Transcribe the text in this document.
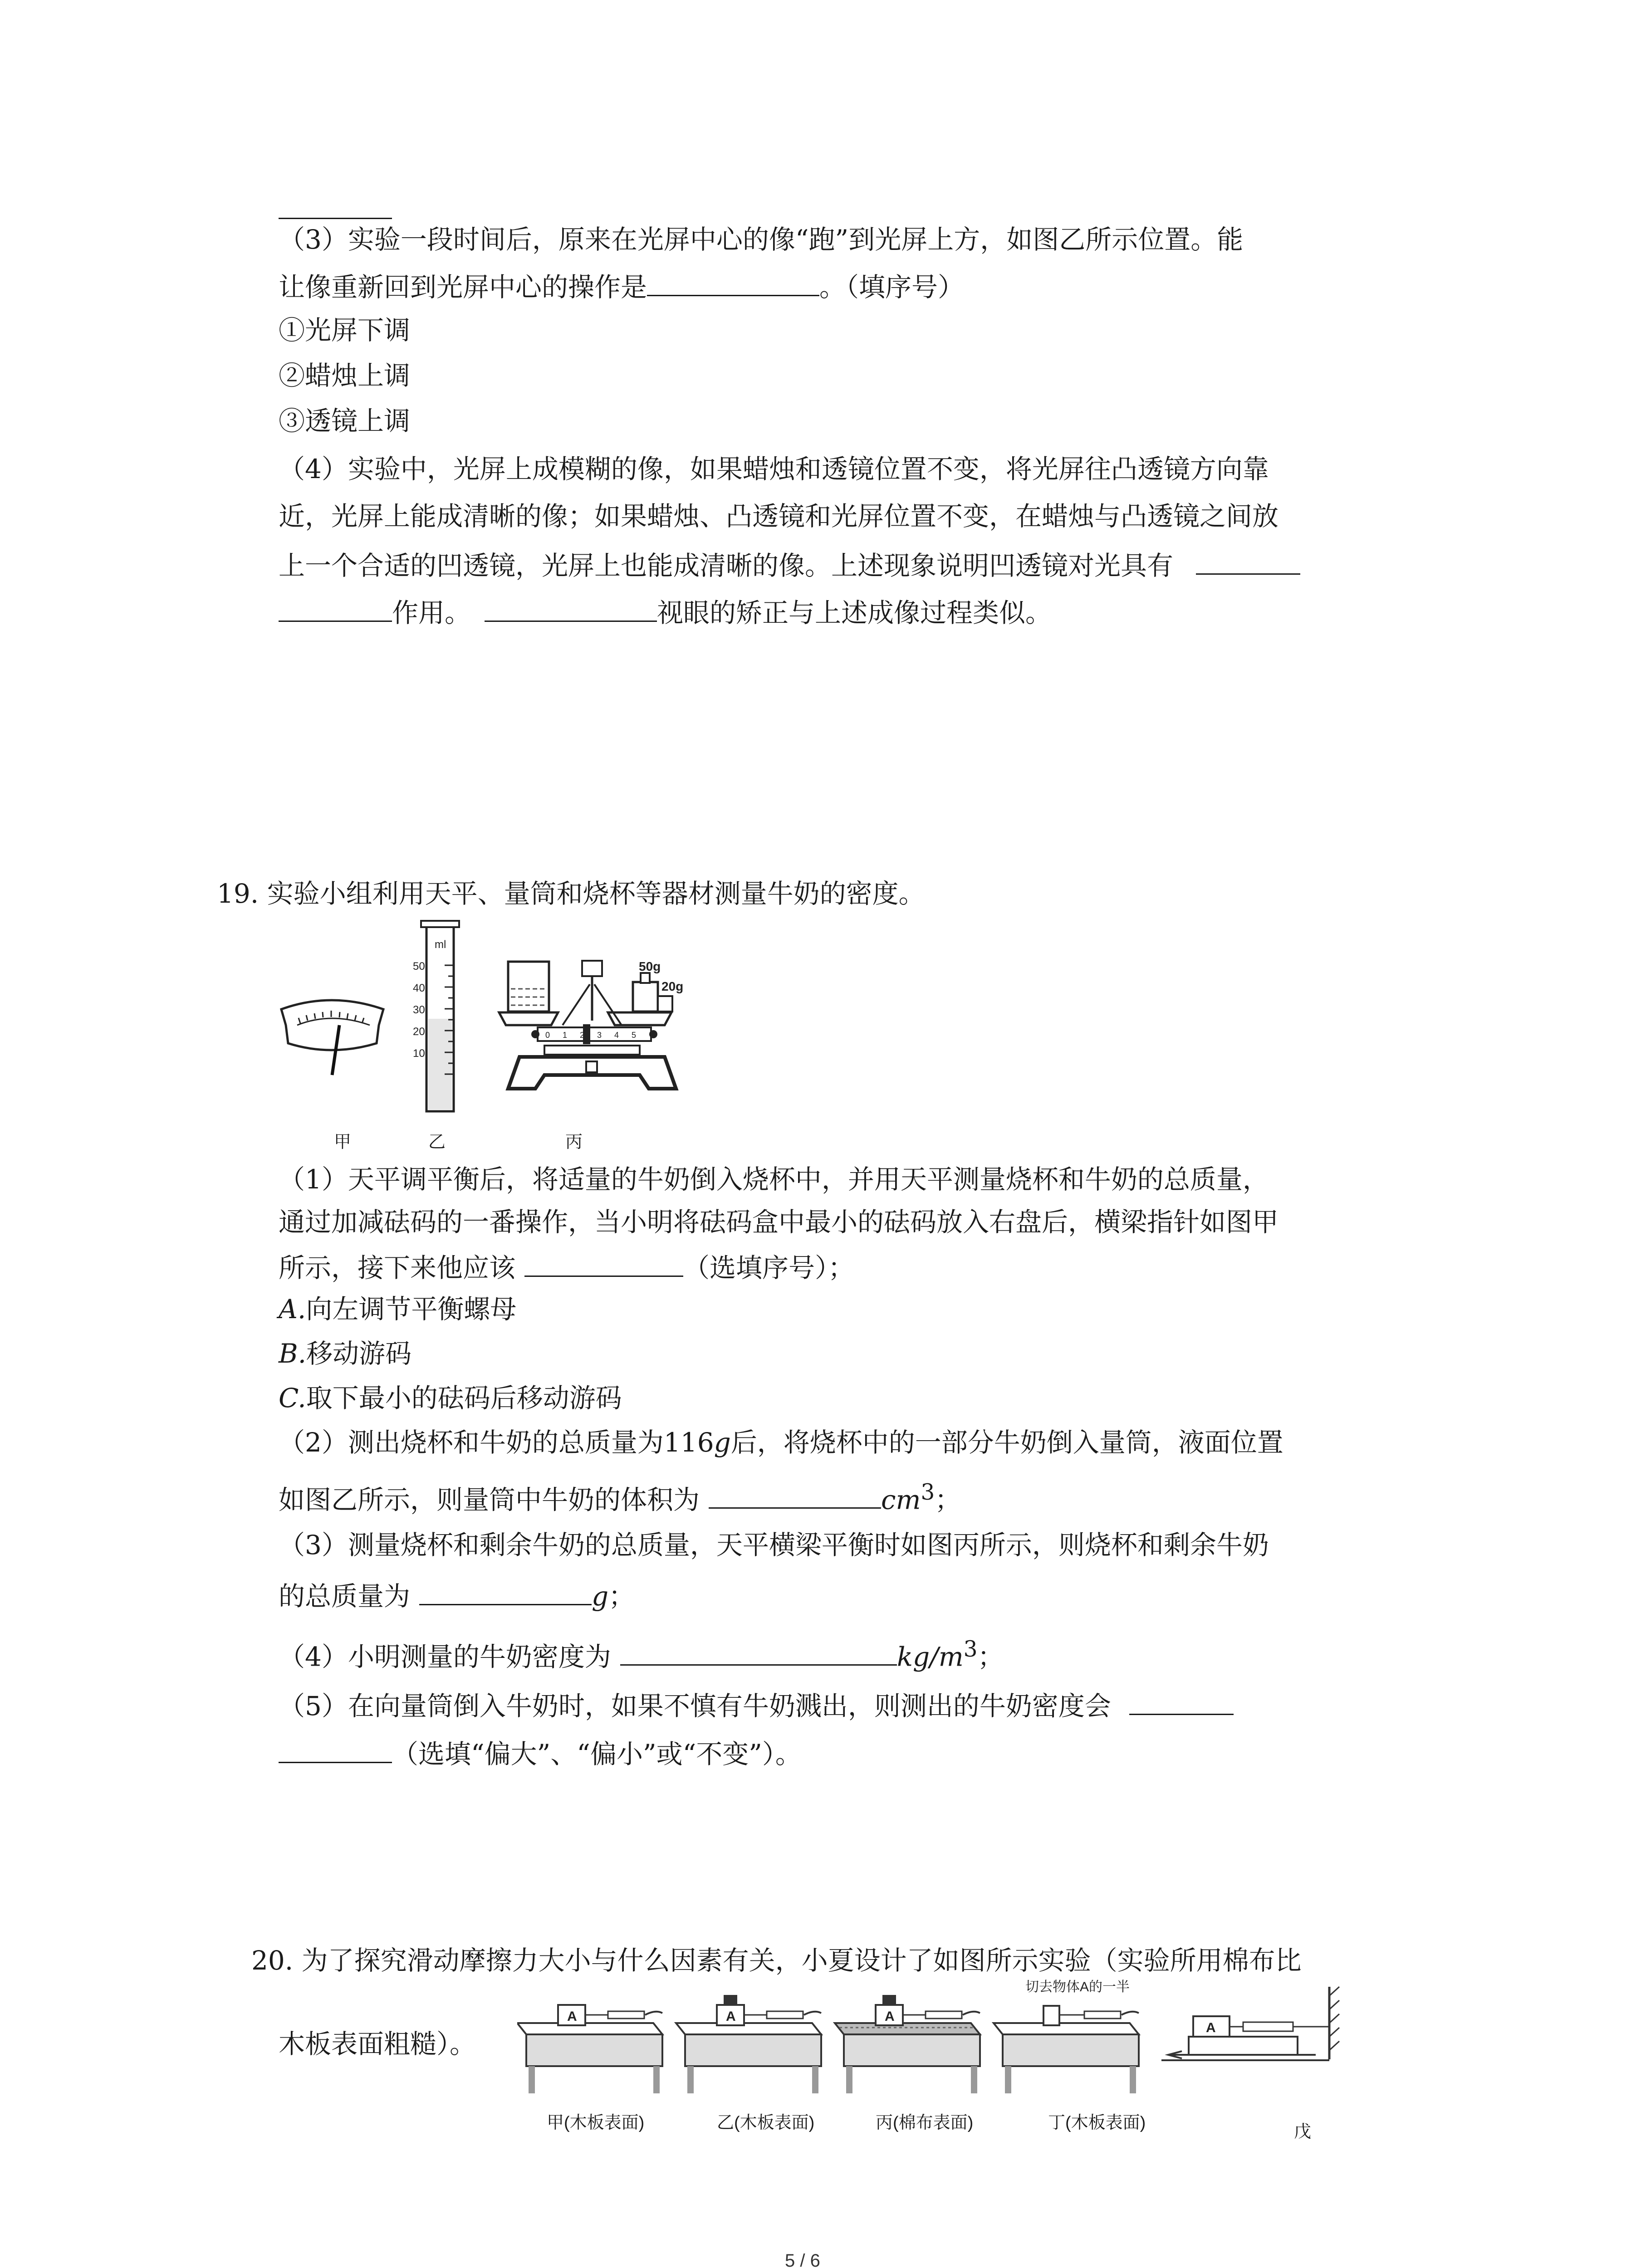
（3）实验一段时间后，原来在光屏中心的像“跑”到光屏上方，如图乙所示位置。能
让像重新回到光屏中心的操作是	。（填序号）
①光屏下调
②蜡烛上调
③透镜上调
（4）实验中，光屏上成模糊的像，如果蜡烛和透镜位置不变，将光屏往凸透镜方向靠
近，光屏上能成清晰的像；如果蜡烛、凸透镜和光屏位置不变，在蜡烛与凸透镜之间放
上一个合适的凹透镜，光屏上也能成清晰的像。上述现象说明凹透镜对光具有
作用。	视眼的矫正与上述成像过程类似。
19. 实验小组利用天平、量筒和烧杯等器材测量牛奶的密度。
ml
50
40
30
20
10
50g
20g
0 1 2 3 4 5
甲	乙	丙
（1）天平调平衡后，将适量的牛奶倒入烧杯中，并用天平测量烧杯和牛奶的总质量，
通过加减砝码的一番操作，当小明将砝码盒中最小的砝码放入右盘后，横梁指针如图甲
所示，接下来他应该	（选填序号）；
A.向左调节平衡螺母
B.移动游码
C.取下最小的砝码后移动游码
（2）测出烧杯和牛奶的总质量为116g后，将烧杯中的一部分牛奶倒入量筒，液面位置
如图乙所示，则量筒中牛奶的体积为	$cm^3$；
（3）测量烧杯和剩余牛奶的总质量，天平横梁平衡时如图丙所示，则烧杯和剩余牛奶
的总质量为	g；
（4）小明测量的牛奶密度为	$kg/m^3$；
（5）在向量筒倒入牛奶时，如果不慎有牛奶溅出，则测出的牛奶密度会
（选填“偏大”、“偏小”或“不变”）。
20. 为了探究滑动摩擦力大小与什么因素有关，小夏设计了如图所示实验（实验所用棉布比
木板表面粗糙）。
A	A	A
切去物体A的一半
A
甲(木板表面)	乙(木板表面)	丙(棉布表面)	丁(木板表面)	戊
5 / 6
